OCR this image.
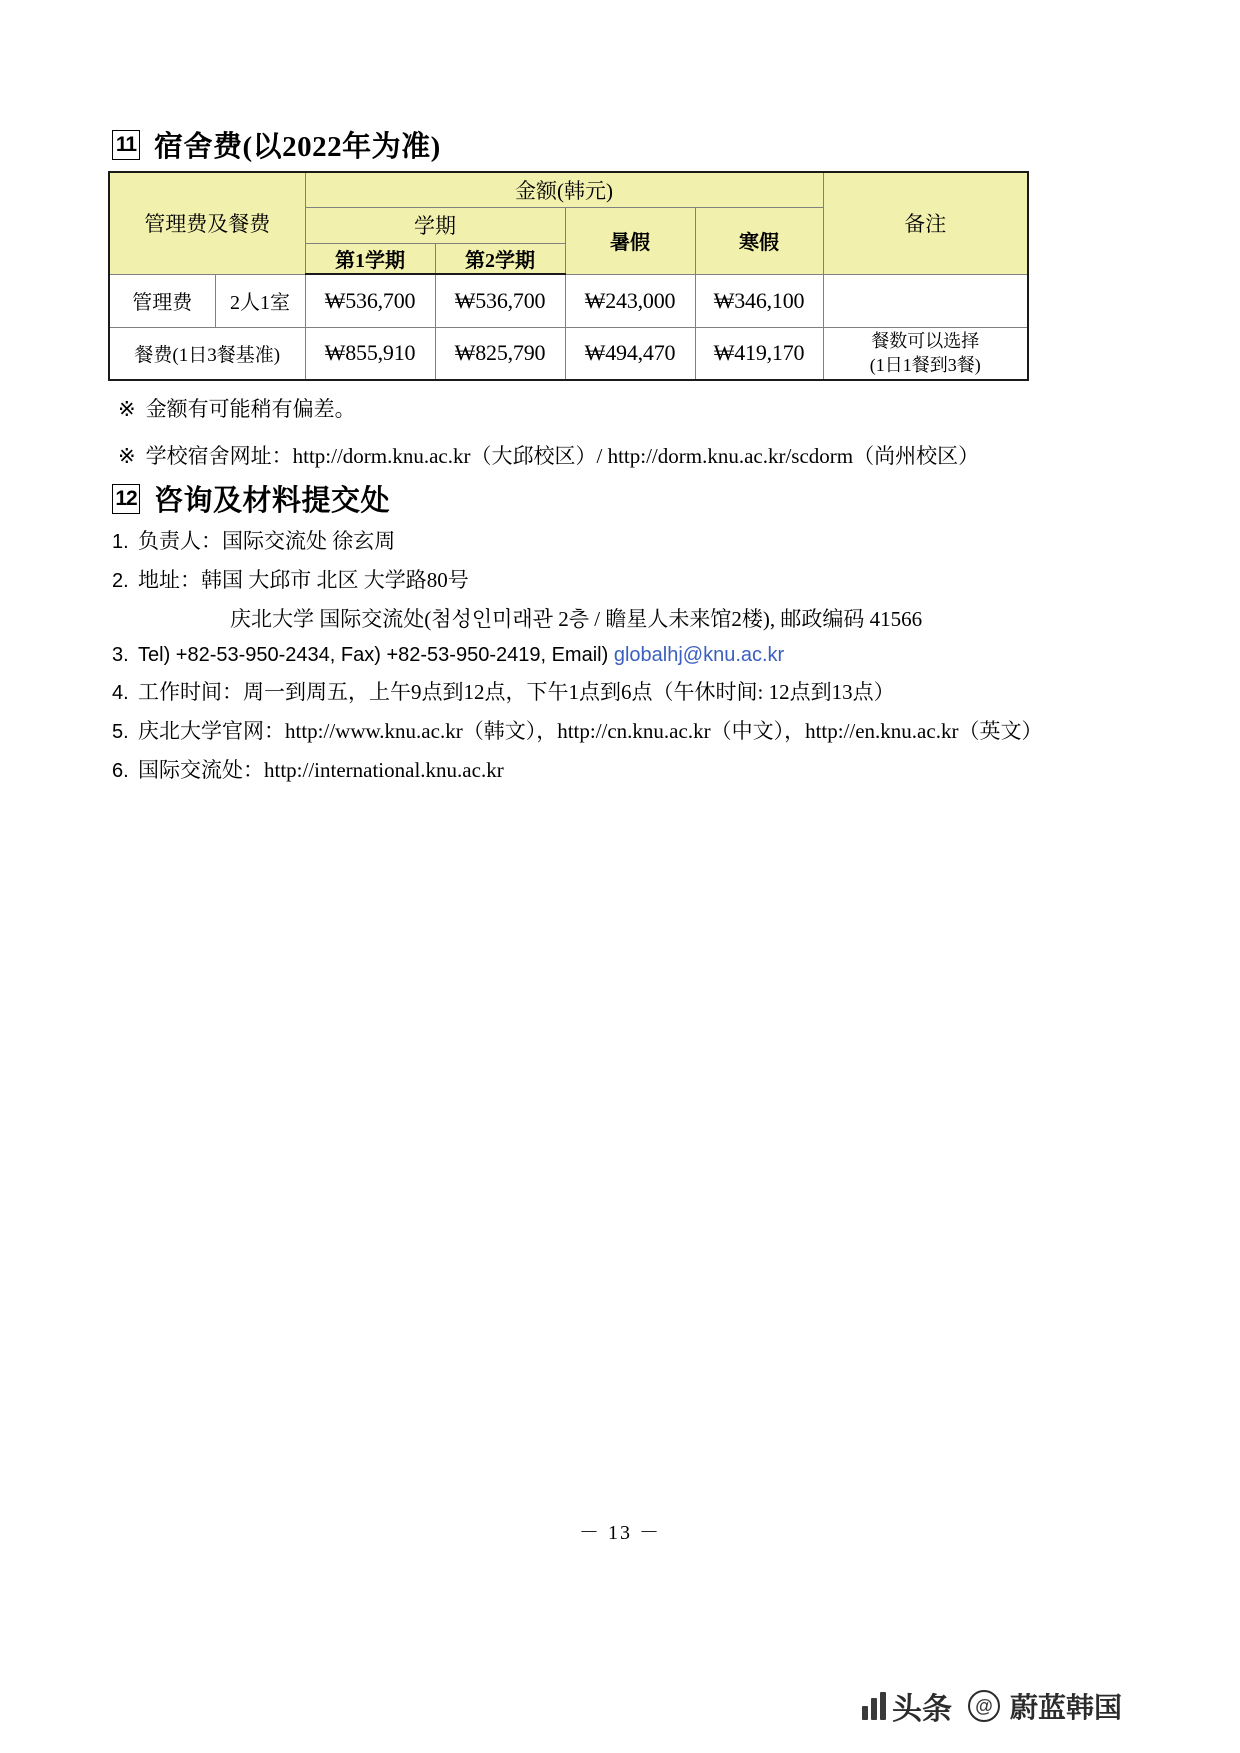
11 宿舍费(以2022年为准)
管理费及餐费		金额(韩元)				备注
		学期		暑假	寒假	
		第1学期	第2学期			
管理费	2人1室	₩536,700	₩536,700	₩243,000	₩346,100	

餐费(1日3餐基准)		₩855,910	₩825,790	₩494,470	₩419,170	餐数可以选择
(1日1餐到3餐)
※ 金额有可能稍有偏差。
※ 学校宿舍网址：http://dorm.knu.ac.kr（大邱校区）/ http://dorm.knu.ac.kr/scdorm（尚州校区）
12 咨询及材料提交处
1. 负责人：国际交流处 徐玄周
2. 地址：韩国 大邱市 北区 大学路80号
庆北大学 国际交流处(첨성인미래관 2층 / 瞻星人未来馆2楼), 邮政编码 41566
3. Tel) +82-53-950-2434, Fax) +82-53-950-2419, Email) globalhj@knu.ac.kr
4. 工作时间：周一到周五，上午9点到12点，下午1点到6点（午休时间: 12点到13点）
5. 庆北大学官网：http://www.knu.ac.kr（韩文），http://cn.knu.ac.kr（中文），http://en.knu.ac.kr（英文）
6. 国际交流处：http://international.knu.ac.kr
－ 13 －
头条	@ 蔚蓝韩国
